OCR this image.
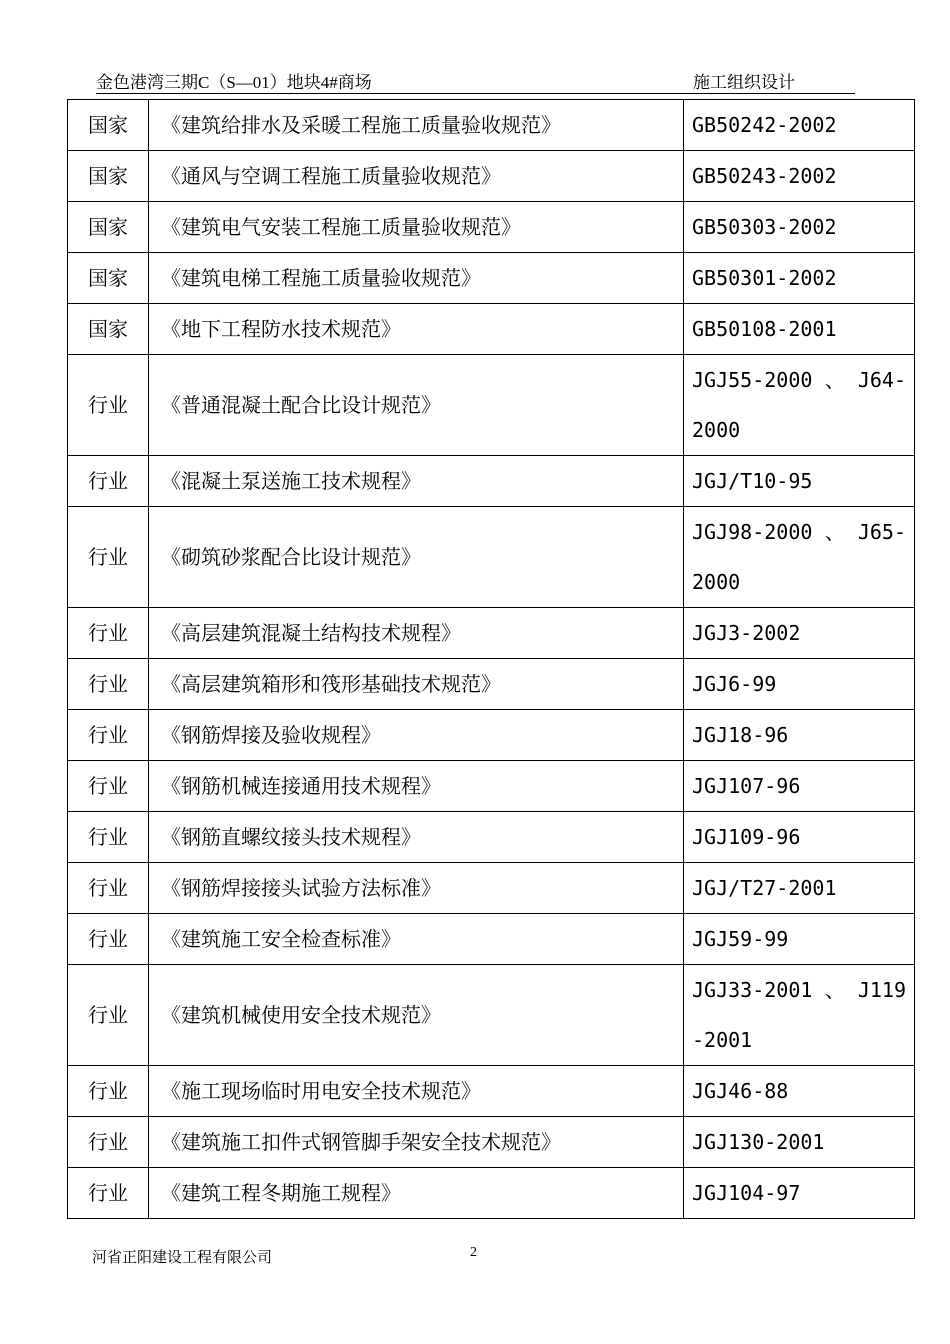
金色港湾三期C（S—01）地块4#商场	施工组织设计
国家	《建筑给排水及采暖工程施工质量验收规范》	GB50242-2002
国家	《通风与空调工程施工质量验收规范》	GB50243-2002
国家	《建筑电气安装工程施工质量验收规范》	GB50303-2002
国家	《建筑电梯工程施工质量验收规范》	GB50301-2002
国家	《地下工程防水技术规范》	GB50108-2001
行业	《普通混凝土配合比设计规范》	JGJ55-2000 、 J64-2000
行业	《混凝土泵送施工技术规程》	JGJ/T10-95
行业	《砌筑砂浆配合比设计规范》	JGJ98-2000 、 J65-2000
行业	《高层建筑混凝土结构技术规程》	JGJ3-2002
行业	《高层建筑箱形和筏形基础技术规范》	JGJ6-99
行业	《钢筋焊接及验收规程》	JGJ18-96
行业	《钢筋机械连接通用技术规程》	JGJ107-96
行业	《钢筋直螺纹接头技术规程》	JGJ109-96
行业	《钢筋焊接接头试验方法标准》	JGJ/T27-2001
行业	《建筑施工安全检查标准》	JGJ59-99
行业	《建筑机械使用安全技术规范》	JGJ33-2001 、 J119-2001
行业	《施工现场临时用电安全技术规范》	JGJ46-88
行业	《建筑施工扣件式钢管脚手架安全技术规范》	JGJ130-2001
行业	《建筑工程冬期施工规程》	JGJ104-97
河省正阳建设工程有限公司	2
